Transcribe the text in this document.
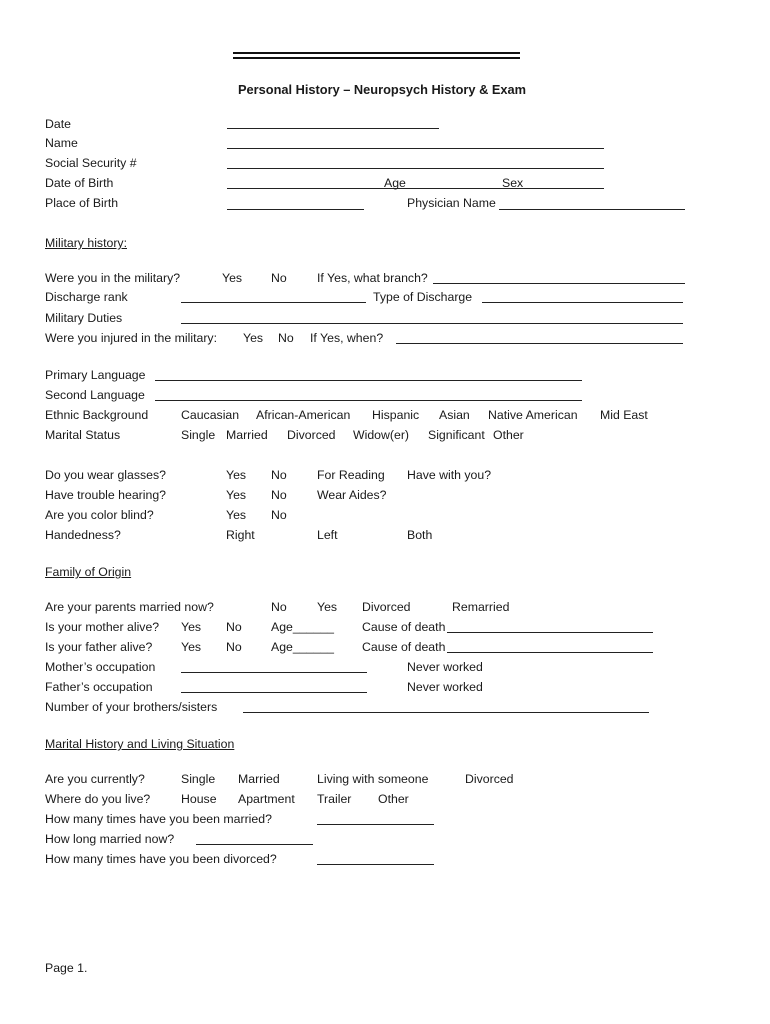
Personal History – Neuropsych History & Exam
Date
Name
Social Security #
Date of Birth	Age	Sex
Place of Birth	Physician Name
Military history:
Were you in the military?	Yes No If Yes, what branch?
Discharge rank	Type of Discharge
Military Duties
Were you injured in the military: Yes No If Yes, when?
Primary Language
Second Language
Ethnic Background	Caucasian African-American Hispanic Asian Native American Mid East
Marital Status	Single Married Divorced Widow(er) Significant Other
Do you wear glasses?	Yes No For Reading Have with you?
Have trouble hearing?	Yes No Wear Aides?
Are you color blind?	Yes No
Handedness?	Right	Left	Both
Family of Origin
Are your parents married now?	No Yes Divorced	Remarried
Is your mother alive? Yes No Age______ Cause of death
Is your father alive? Yes No Age______ Cause of death
Mother’s occupation	Never worked
Father’s occupation	Never worked
Number of your brothers/sisters
Marital History and Living Situation
Are you currently?	Single Married	Living with someone	Divorced
Where do you live? House Apartment Trailer Other
How many times have you been married?
How long married now?
How many times have you been divorced?
Page 1.
